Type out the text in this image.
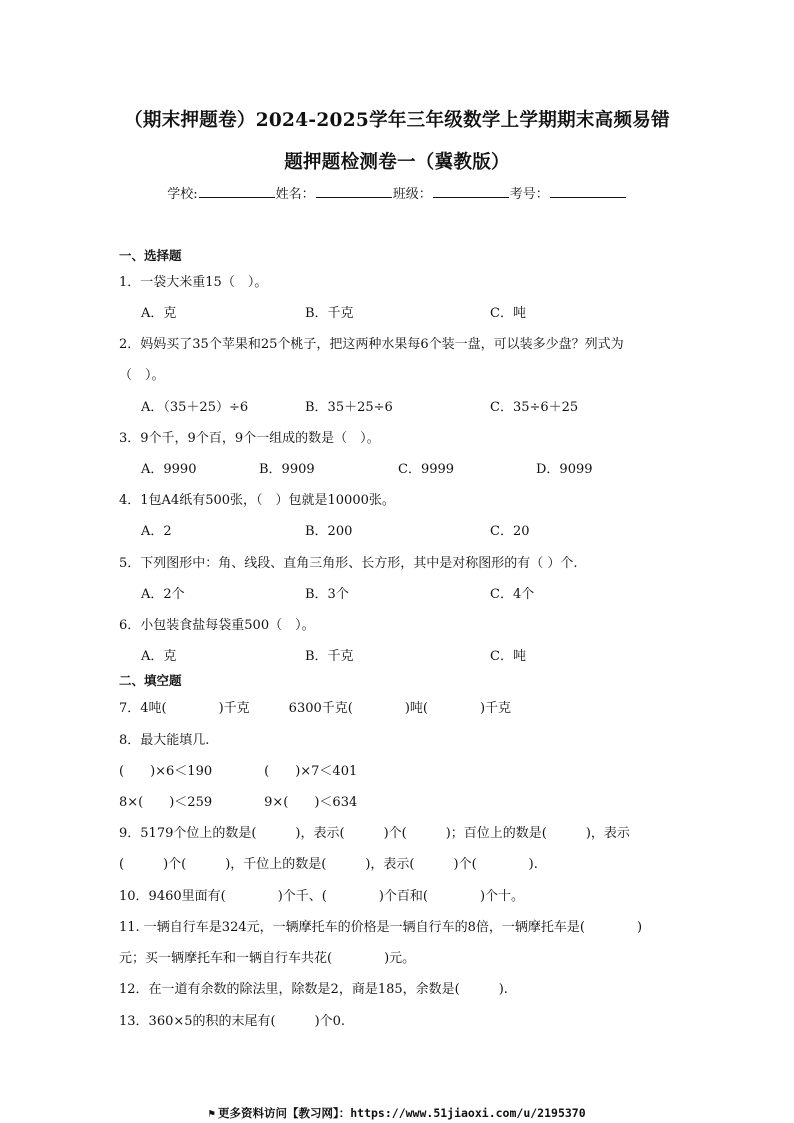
（期末押题卷）2024-2025学年三年级数学上学期期末高频易错
题押题检测卷一（冀教版）
学校:	姓名：	班级：	考号：
一、选择题
1．一袋大米重15（　）。
A．克	B．千克	C．吨
2．妈妈买了35个苹果和25个桃子，把这两种水果每6个装一盘，可以装多少盘？列式为
（　）。
A．（35＋25）÷6	B．35＋25÷6	C．35÷6＋25
3．9个千，9个百，9个一组成的数是（　）。
A．9990	B．9909	C．9999	D．9099
4．1包A4纸有500张，（　）包就是10000张。
A．2	B．200	C．20
5．下列图形中：角、线段、直角三角形、长方形，其中是对称图形的有（ ）个.
A．2个	B．3个	C．4个
6．小包装食盐每袋重500（　）。
A．克	B．千克	C．吨
二、填空题
7．4吨(　　　　)千克　　　6300千克(　　　　)吨(　　　　)千克
8．最大能填几.
(　　)×6＜190　　　　(　　)×7＜401
8×(　　)＜259　　　　9×(　　)＜634
9．5179个位上的数是(　　　)，表示(　　　)个(　　　)；百位上的数是(　　　)，表示
(　　　)个(　　　)，千位上的数是(　　　)，表示(　　　)个(　　　　).
10．9460里面有(　　　　)个千、(　　　　)个百和(　　　　)个十。
11. 一辆自行车是324元，一辆摩托车的价格是一辆自行车的8倍，一辆摩托车是(　　　　)
元；买一辆摩托车和一辆自行车共花(　　　　)元。
12．在一道有余数的除法里，除数是2，商是185，余数是(　　　).
13．360×5的积的末尾有(　　　)个0.
⚑ 更多资料访问【教习网】：https://www.51jiaoxi.com/u/2195370
